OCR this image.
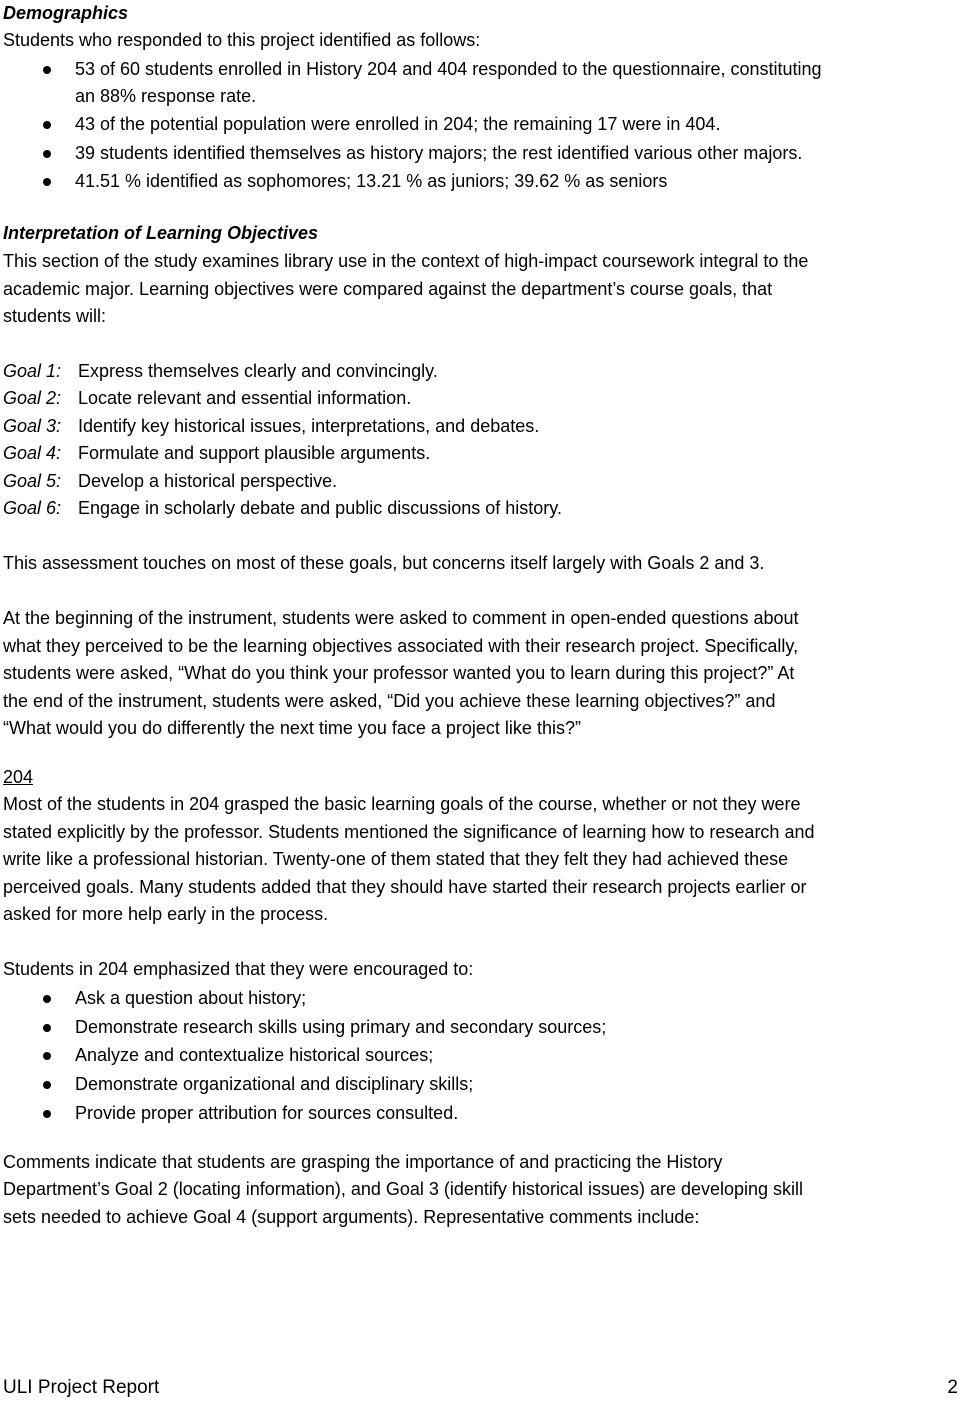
Demographics
Students who responded to this project identified as follows:
53 of 60 students enrolled in History 204 and 404 responded to the questionnaire, constituting
an 88% response rate.
43 of the potential population were enrolled in 204; the remaining 17 were in 404.
39 students identified themselves as history majors; the rest identified various other majors.
41.51 % identified as sophomores; 13.21 % as juniors; 39.62 % as seniors
Interpretation of Learning Objectives
This section of the study examines library use in the context of high-impact coursework integral to the
academic major. Learning objectives were compared against the department’s course goals, that
students will:
Goal 1: Express themselves clearly and convincingly.
Goal 2: Locate relevant and essential information.
Goal 3: Identify key historical issues, interpretations, and debates.
Goal 4: Formulate and support plausible arguments.
Goal 5: Develop a historical perspective.
Goal 6: Engage in scholarly debate and public discussions of history.
This assessment touches on most of these goals, but concerns itself largely with Goals 2 and 3.
At the beginning of the instrument, students were asked to comment in open-ended questions about
what they perceived to be the learning objectives associated with their research project. Specifically,
students were asked, “What do you think your professor wanted you to learn during this project?” At
the end of the instrument, students were asked, “Did you achieve these learning objectives?” and
“What would you do differently the next time you face a project like this?”
204
Most of the students in 204 grasped the basic learning goals of the course, whether or not they were
stated explicitly by the professor. Students mentioned the significance of learning how to research and
write like a professional historian. Twenty-one of them stated that they felt they had achieved these
perceived goals. Many students added that they should have started their research projects earlier or
asked for more help early in the process.
Students in 204 emphasized that they were encouraged to:
Ask a question about history;
Demonstrate research skills using primary and secondary sources;
Analyze and contextualize historical sources;
Demonstrate organizational and disciplinary skills;
Provide proper attribution for sources consulted.
Comments indicate that students are grasping the importance of and practicing the History
Department’s Goal 2 (locating information), and Goal 3 (identify historical issues) are developing skill
sets needed to achieve Goal 4 (support arguments). Representative comments include:
ULI Project Report	2
